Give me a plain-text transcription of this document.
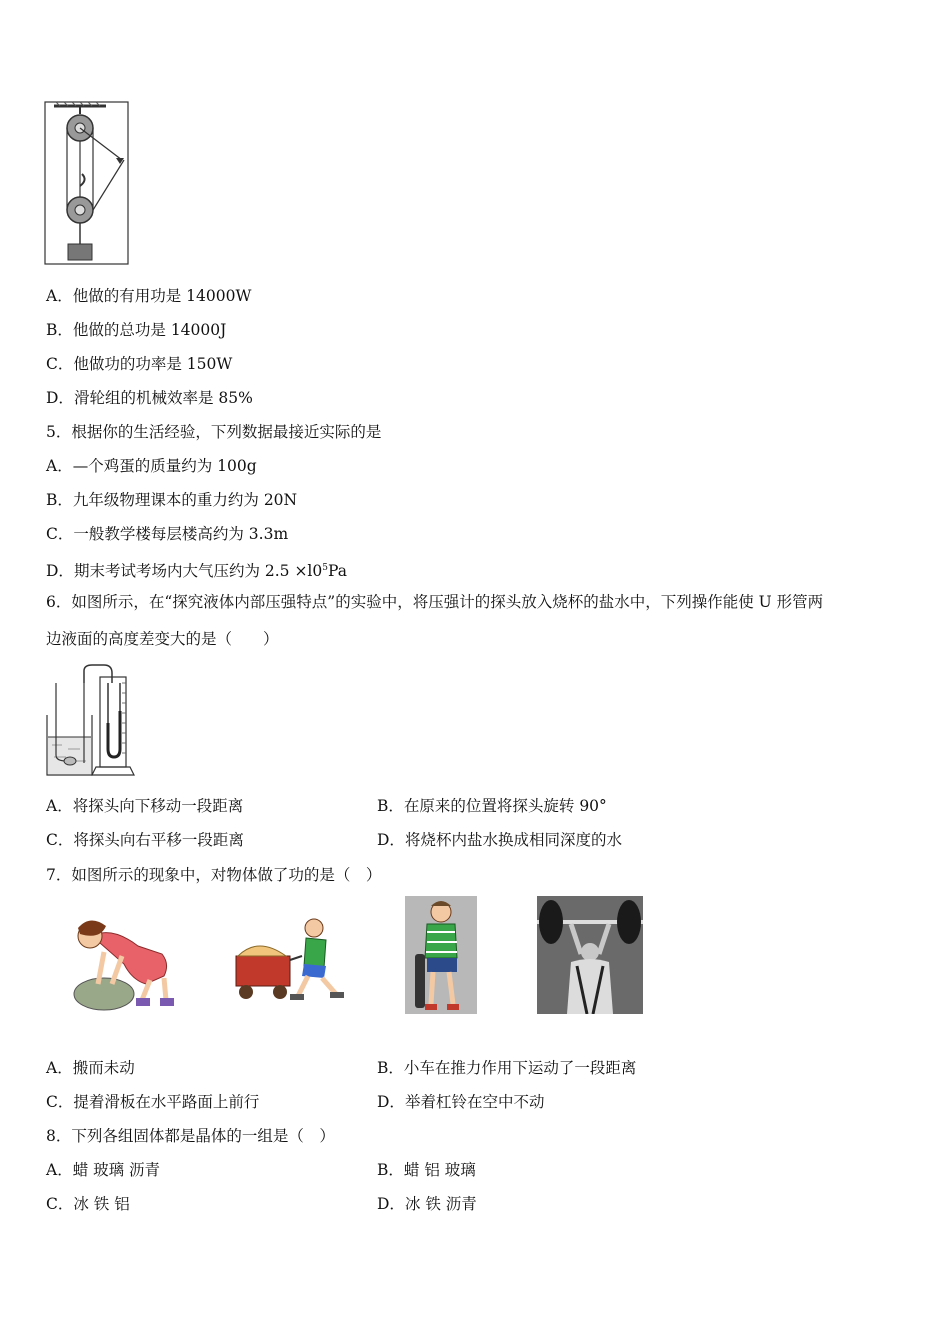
A．他做的有用功是 14000W
B．他做的总功是 14000J
C．他做功的功率是 150W
D．滑轮组的机械效率是 85%
5．根据你的生活经验，下列数据最接近实际的是
A．—个鸡蛋的质量约为 100g
B．九年级物理课本的重力约为 20N
C．一般教学楼每层楼高约为 3.3m
D．期末考试考场内大气压约为 $2.5 \times l0^5Pa$
6．如图所示，在“探究液体内部压强特点”的实验中，将压强计的探头放入烧杯的盐水中，下列操作能使 U 形管两
边液面的高度差变大的是（　　）
A．将探头向下移动一段距离	B．在原来的位置将探头旋转 90°
C．将探头向右平移一段距离	D．将烧杯内盐水换成相同深度的水
7．如图所示的现象中，对物体做了功的是（　）
A．搬而未动	B．小车在推力作用下运动了一段距离
C．提着滑板在水平路面上前行	D．举着杠铃在空中不动
8．下列各组固体都是晶体的一组是（　）
A．蜡 玻璃 沥青	B．蜡 铝 玻璃
C．冰 铁 铝	D．冰 铁 沥青
